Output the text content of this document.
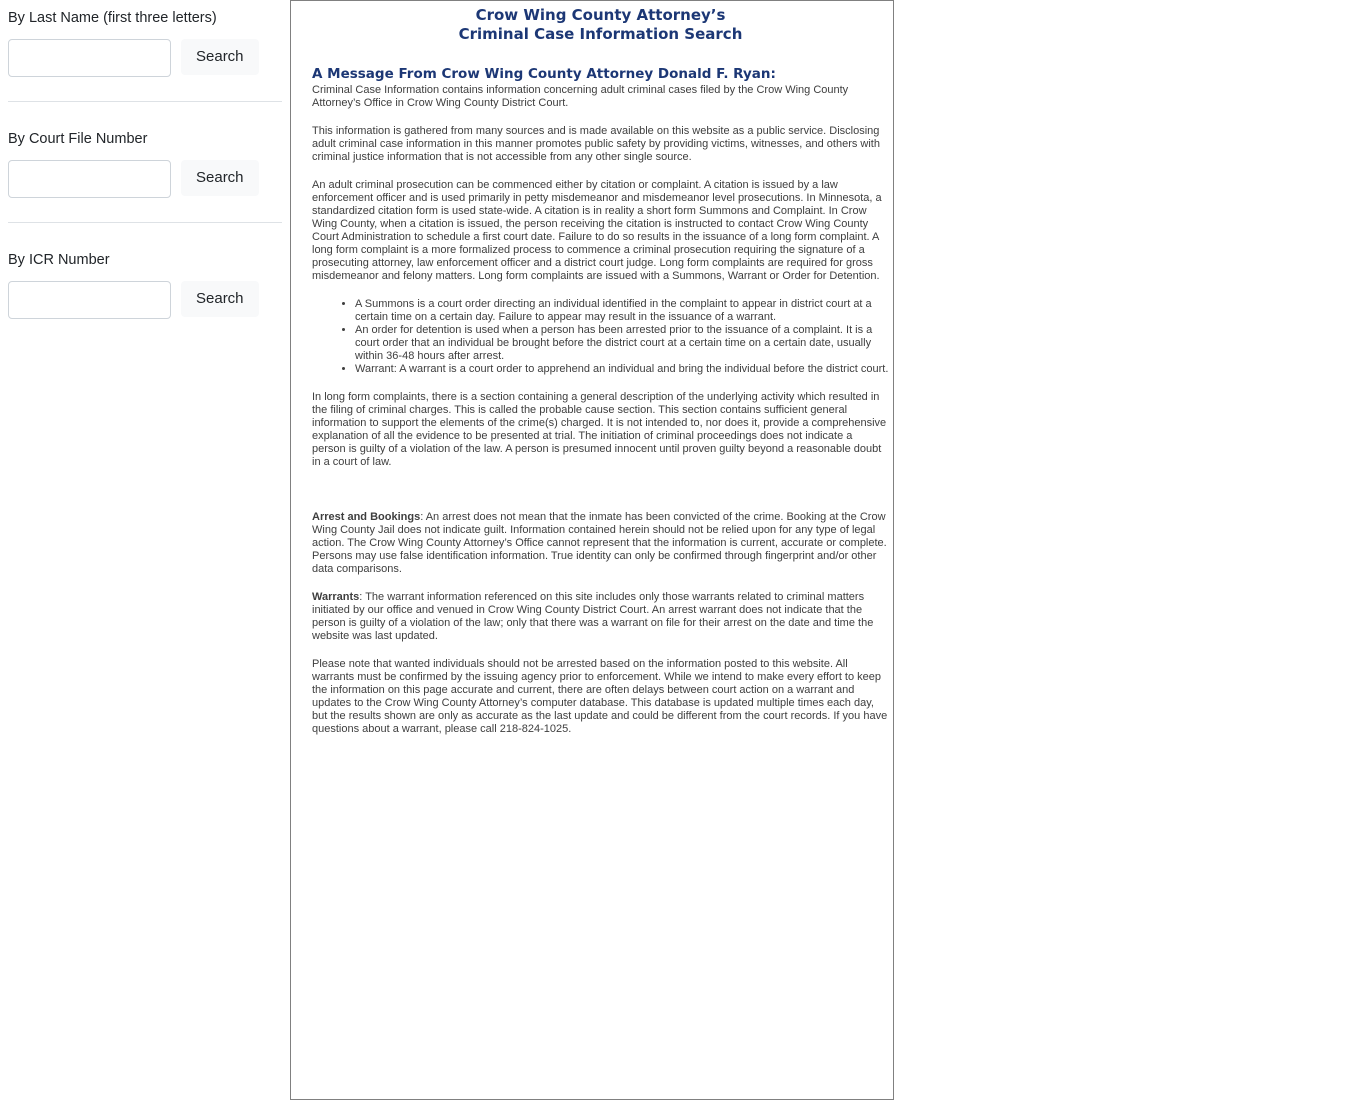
By Last Name (first three letters)
Search
By Court File Number
Search
By ICR Number
Search
Crow Wing County Attorney’s
Criminal Case Information Search
A Message From Crow Wing County Attorney Donald F. Ryan:

Criminal Case Information contains information concerning adult criminal cases filed by the Crow Wing County Attorney’s Office in Crow Wing County District Court.

This information is gathered from many sources and is made available on this website as a public service. Disclosing adult criminal case information in this manner promotes public safety by providing victims, witnesses, and others with criminal justice information that is not accessible from any other single source.

An adult criminal prosecution can be commenced either by citation or complaint. A citation is issued by a law enforcement officer and is used primarily in petty misdemeanor and misdemeanor level prosecutions. In Minnesota, a standardized citation form is used state-wide. A citation is in reality a short form Summons and Complaint. In Crow Wing County, when a citation is issued, the person receiving the citation is instructed to contact Crow Wing County Court Administration to schedule a first court date. Failure to do so results in the issuance of a long form complaint. A long form complaint is a more formalized process to commence a criminal prosecution requiring the signature of a prosecuting attorney, law enforcement officer and a district court judge. Long form complaints are required for gross misdemeanor and felony matters. Long form complaints are issued with a Summons, Warrant or Order for Detention.

• A Summons is a court order directing an individual identified in the complaint to appear in district court at a certain time on a certain day. Failure to appear may result in the issuance of a warrant.
• An order for detention is used when a person has been arrested prior to the issuance of a complaint. It is a court order that an individual be brought before the district court at a certain time on a certain date, usually within 36-48 hours after arrest.
• Warrant: A warrant is a court order to apprehend an individual and bring the individual before the district court.

In long form complaints, there is a section containing a general description of the underlying activity which resulted in the filing of criminal charges. This is called the probable cause section. This section contains sufficient general information to support the elements of the crime(s) charged. It is not intended to, nor does it, provide a comprehensive explanation of all the evidence to be presented at trial. The initiation of criminal proceedings does not indicate a person is guilty of a violation of the law. A person is presumed innocent until proven guilty beyond a reasonable doubt in a court of law.

Arrest and Bookings: An arrest does not mean that the inmate has been convicted of the crime. Booking at the Crow Wing County Jail does not indicate guilt. Information contained herein should not be relied upon for any type of legal action. The Crow Wing County Attorney’s Office cannot represent that the information is current, accurate or complete. Persons may use false identification information. True identity can only be confirmed through fingerprint and/or other data comparisons.

Warrants: The warrant information referenced on this site includes only those warrants related to criminal matters initiated by our office and venued in Crow Wing County District Court. An arrest warrant does not indicate that the person is guilty of a violation of the law; only that there was a warrant on file for their arrest on the date and time the website was last updated.

Please note that wanted individuals should not be arrested based on the information posted to this website. All warrants must be confirmed by the issuing agency prior to enforcement. While we intend to make every effort to keep the information on this page accurate and current, there are often delays between court action on a warrant and updates to the Crow Wing County Attorney’s computer database. This database is updated multiple times each day, but the results shown are only as accurate as the last update and could be different from the court records. If you have questions about a warrant, please call 218-824-1025.
